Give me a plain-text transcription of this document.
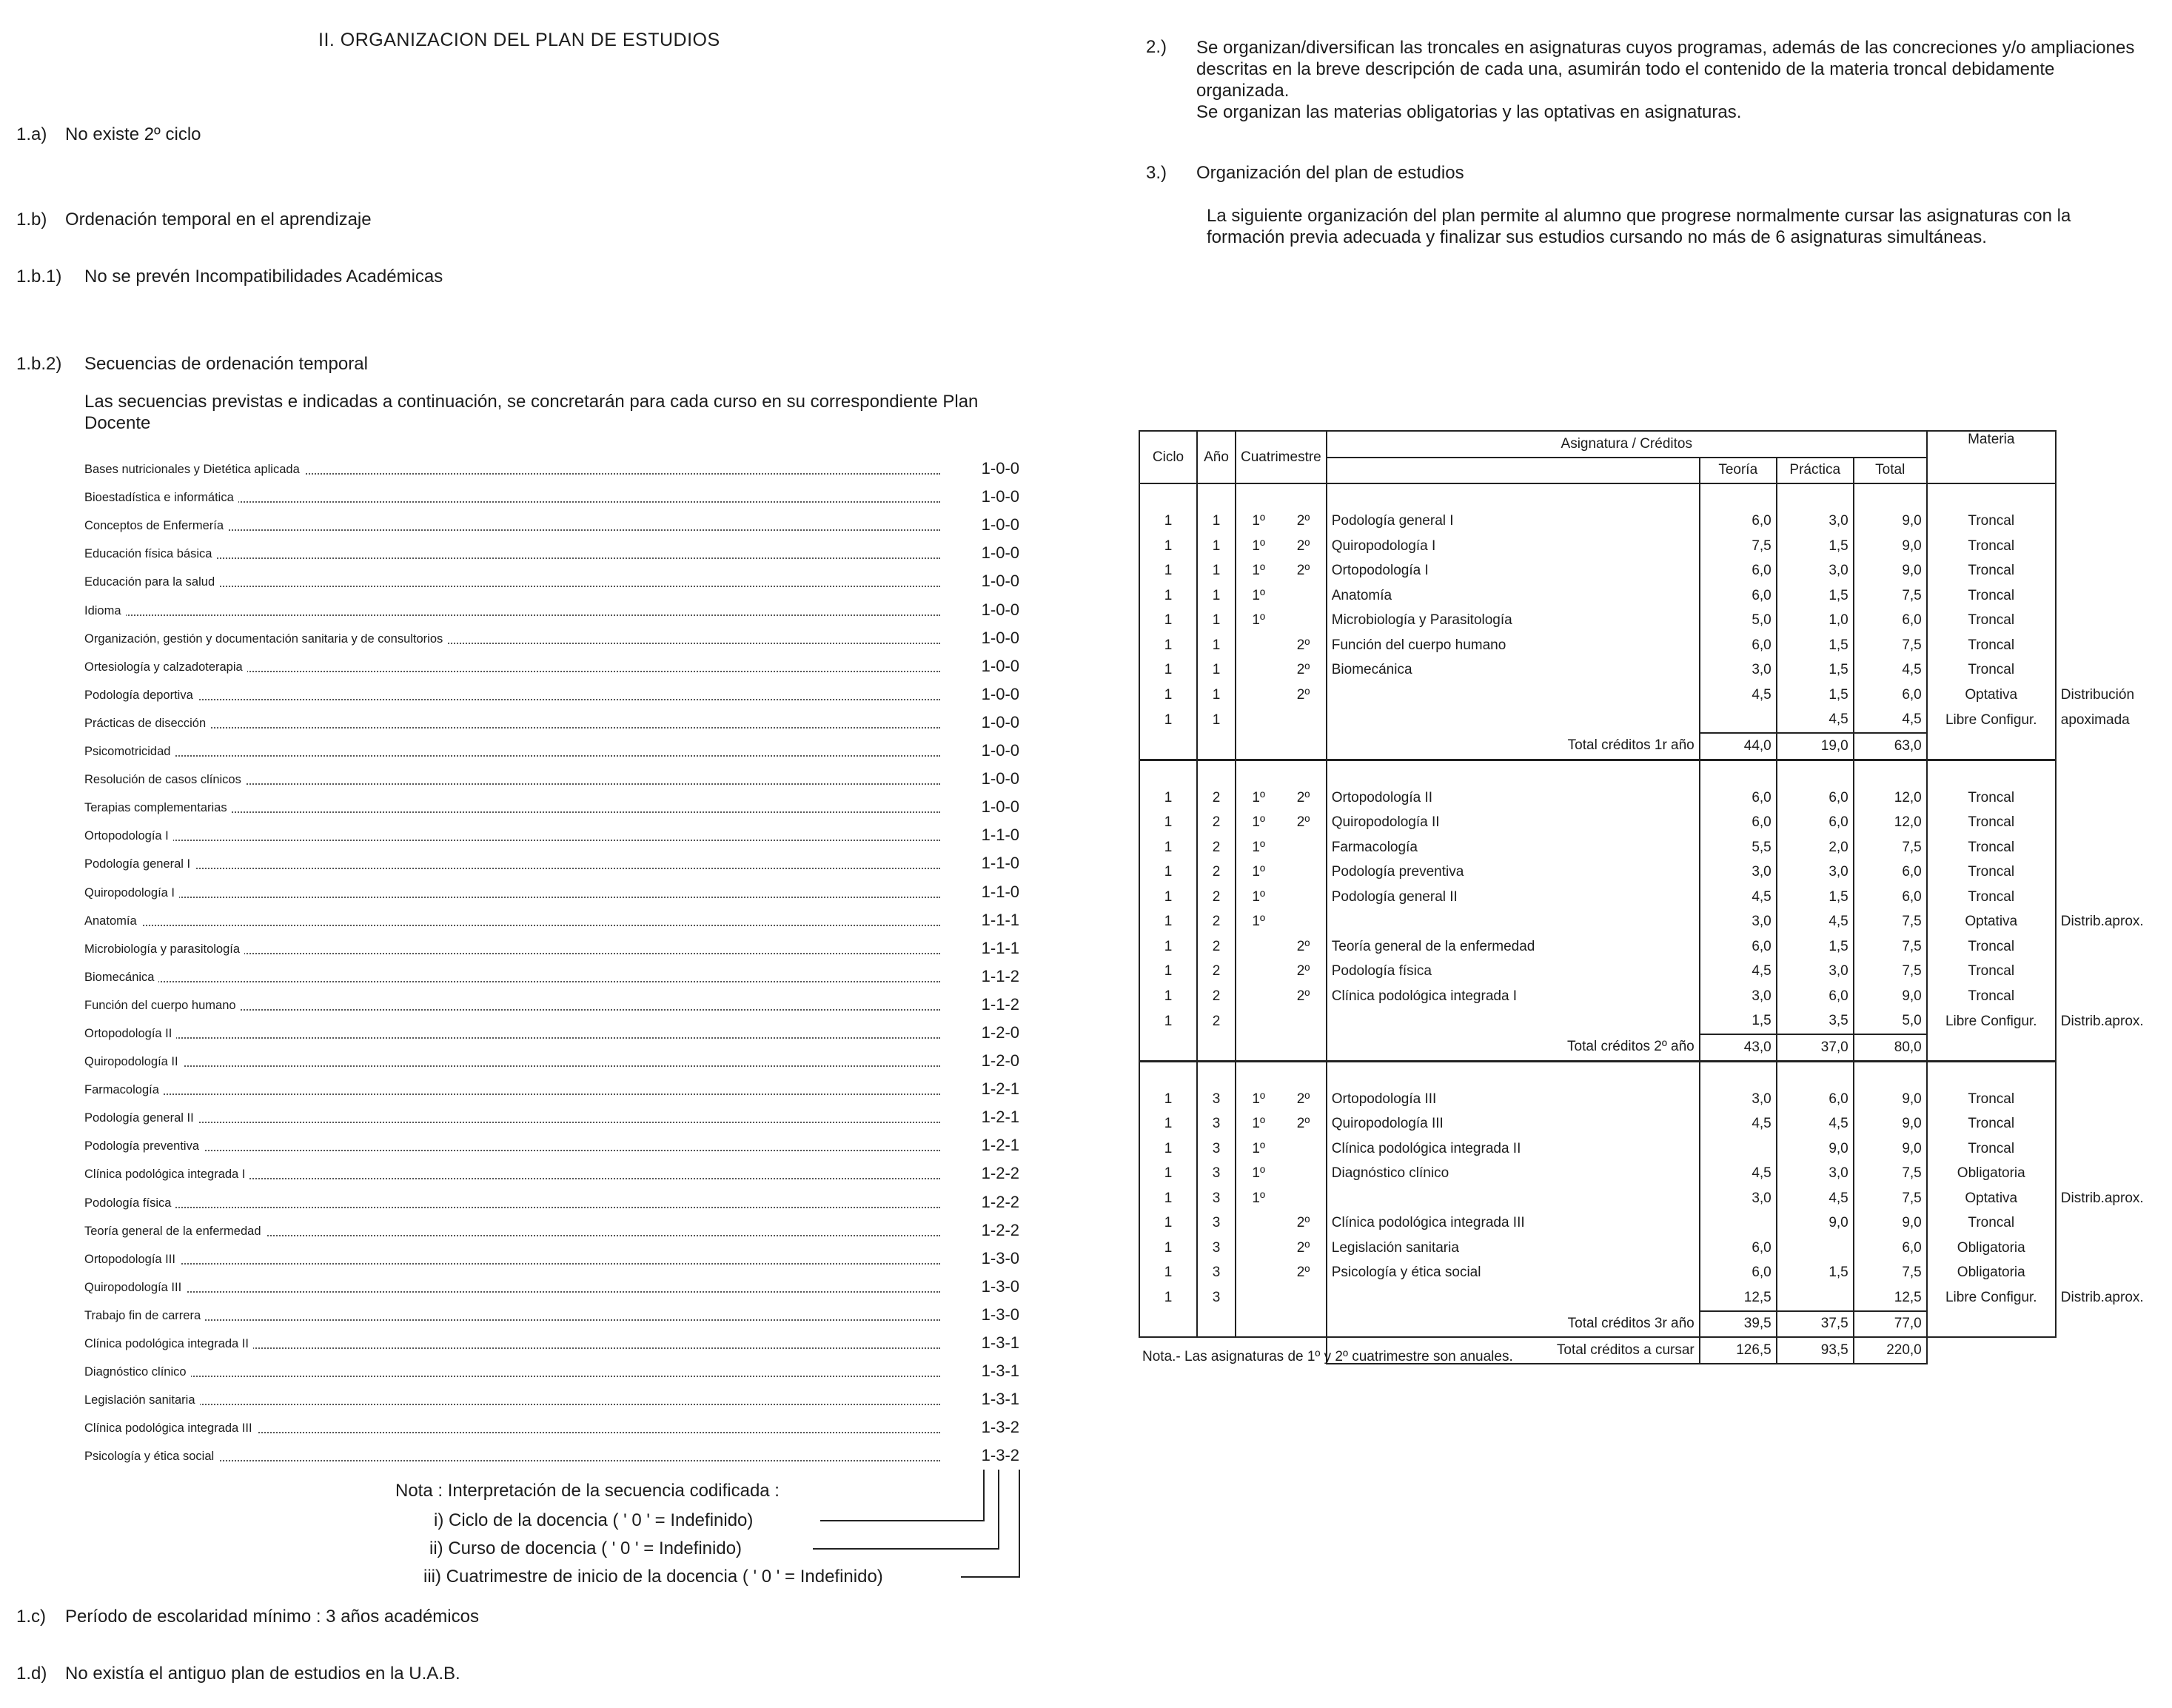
II. ORGANIZACION DEL PLAN DE ESTUDIOS
1.a) No existe 2º ciclo
1.b) Ordenación temporal en el aprendizaje
1.b.1) No se prevén Incompatibilidades Académicas
1.b.2) Secuencias de ordenación temporal
Las secuencias previstas e indicadas a continuación, se concretarán para cada curso en su correspondiente Plan Docente
Bases nutricionales y Dietética aplicada	1-0-0
Bioestadística e informática	1-0-0
Conceptos de Enfermería	1-0-0
Educación física básica	1-0-0
Educación para la salud	1-0-0
Idioma	1-0-0
Organización, gestión y documentación sanitaria y de consultorios	1-0-0
Ortesiología y calzadoterapia	1-0-0
Podología deportiva	1-0-0
Prácticas de disección	1-0-0
Psicomotricidad	1-0-0
Resolución de casos clínicos	1-0-0
Terapias complementarias	1-0-0
Ortopodología I	1-1-0
Podología general I	1-1-0
Quiropodología I	1-1-0
Anatomía	1-1-1
Microbiología y parasitología	1-1-1
Biomecánica	1-1-2
Función del cuerpo humano	1-1-2
Ortopodología II	1-2-0
Quiropodología II	1-2-0
Farmacología	1-2-1
Podología general II	1-2-1
Podología preventiva	1-2-1
Clínica podológica integrada I	1-2-2
Podología física	1-2-2
Teoría general de la enfermedad	1-2-2
Ortopodología III	1-3-0
Quiropodología III	1-3-0
Trabajo fin de carrera	1-3-0
Clínica podológica integrada II	1-3-1
Diagnóstico clínico	1-3-1
Legislación sanitaria	1-3-1
Clínica podológica integrada III	1-3-2
Psicología y ética social	1-3-2
Nota : Interpretación de la secuencia codificada :
i) Ciclo de la docencia ( ' 0 ' = Indefinido)
ii) Curso de docencia ( ' 0 ' = Indefinido)
iii) Cuatrimestre de inicio de la docencia ( ' 0 ' = Indefinido)
1.c) Período de escolaridad mínimo : 3 años académicos
1.d) No existía el antiguo plan de estudios en la U.A.B.
2.) Se organizan/diversifican las troncales en asignaturas cuyos programas, además de las concreciones y/o ampliaciones descritas en la breve descripción de cada una, asumirán todo el contenido de la materia troncal debidamente organizada.
Se organizan las materias obligatorias y las optativas en asignaturas.
3.) Organización del plan de estudios
La siguiente organización del plan permite al alumno que progrese normalmente cursar las asignaturas con la formación previa adecuada y finalizar sus estudios cursando no más de 6 asignaturas simultáneas.
Ciclo	Año	Cuatrimestre		Asignatura / Créditos				Materia	
					Teoría	Práctica	Total		

1	1	1º	2º	Podología general I	6,0	3,0	9,0	Troncal	
1	1	1º	2º	Quiropodología I	7,5	1,5	9,0	Troncal	
1	1	1º	2º	Ortopodología I	6,0	3,0	9,0	Troncal	
1	1	1º		Anatomía	6,0	1,5	7,5	Troncal	
1	1	1º		Microbiología y Parasitología	5,0	1,0	6,0	Troncal	
1	1		2º	Función del cuerpo humano	6,0	1,5	7,5	Troncal	
1	1		2º	Biomecánica	3,0	1,5	4,5	Troncal	
1	1		2º		4,5	1,5	6,0	Optativa	Distribución
1	1					4,5	4,5	Libre Configur.	apoximada
				Total créditos 1r año	44,0	19,0	63,0		

1	2	1º	2º	Ortopodología II	6,0	6,0	12,0	Troncal	
1	2	1º	2º	Quiropodología II	6,0	6,0	12,0	Troncal	
1	2	1º		Farmacología	5,5	2,0	7,5	Troncal	
1	2	1º		Podología preventiva	3,0	3,0	6,0	Troncal	
1	2	1º		Podología general II	4,5	1,5	6,0	Troncal	
1	2	1º			3,0	4,5	7,5	Optativa	Distrib.aprox.
1	2		2º	Teoría general de la enfermedad	6,0	1,5	7,5	Troncal	
1	2		2º	Podología física	4,5	3,0	7,5	Troncal	
1	2		2º	Clínica podológica integrada I	3,0	6,0	9,0	Troncal	
1	2				1,5	3,5	5,0	Libre Configur.	Distrib.aprox.
				Total créditos 2º año	43,0	37,0	80,0		

1	3	1º	2º	Ortopodología III	3,0	6,0	9,0	Troncal	
1	3	1º	2º	Quiropodología III	4,5	4,5	9,0	Troncal	
1	3	1º		Clínica podológica integrada II		9,0	9,0	Troncal	
1	3	1º		Diagnóstico clínico	4,5	3,0	7,5	Obligatoria	
1	3	1º			3,0	4,5	7,5	Optativa	Distrib.aprox.
1	3		2º	Clínica podológica integrada III		9,0	9,0	Troncal	
1	3		2º	Legislación sanitaria	6,0		6,0	Obligatoria	
1	3		2º	Psicología y ética social	6,0	1,5	7,5	Obligatoria	
1	3				12,5		12,5	Libre Configur.	Distrib.aprox.
				Total créditos 3r año	39,5	37,5	77,0		
				Total créditos a cursar	126,5	93,5	220,0		
Nota.- Las asignaturas de 1º y 2º cuatrimestre son anuales.
